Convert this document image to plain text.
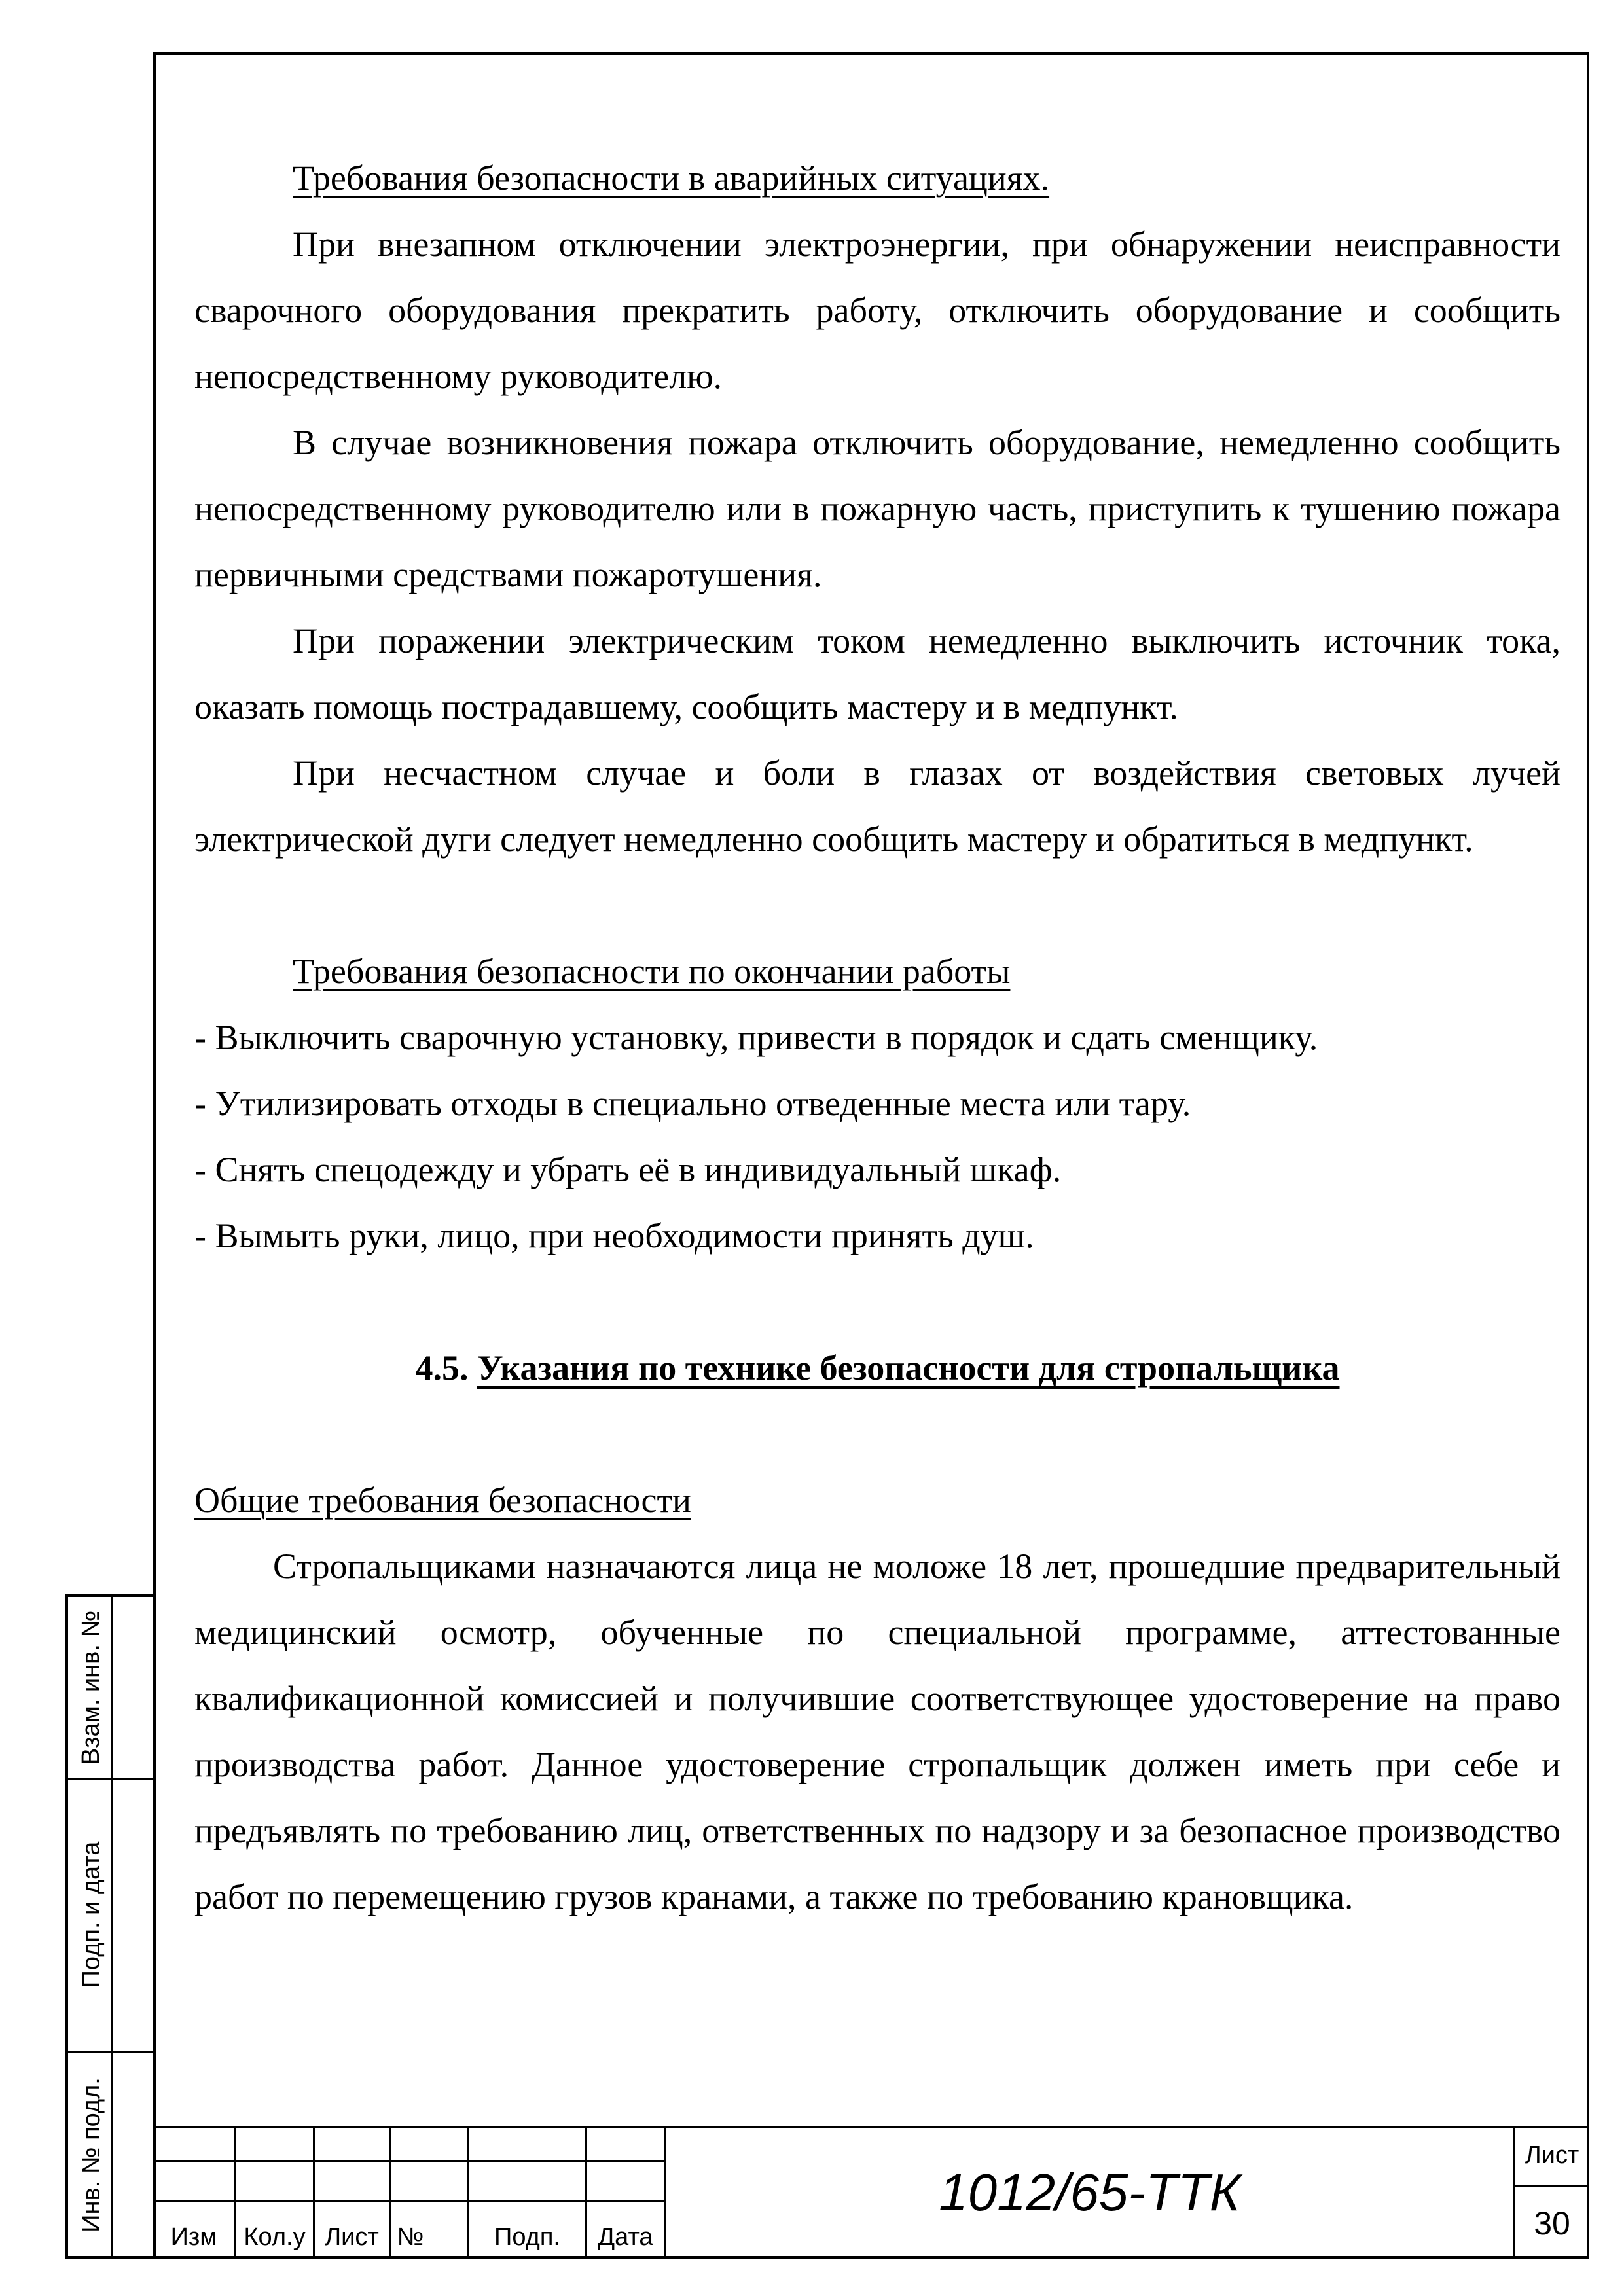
Требования безопасности в аварийных ситуациях.

При внезапном отключении электроэнергии, при обнаружении неисправности сварочного оборудования прекратить работу, отключить оборудование и сообщить непосредственному руководителю.

В случае возникновения пожара отключить оборудование, немедленно сообщить непосредственному руководителю или в пожарную часть, приступить к тушению пожара первичными средствами пожаротушения.

При поражении электрическим током немедленно выключить источник тока, оказать помощь пострадавшему, сообщить мастеру и в медпункт.

При несчастном случае и боли в глазах от воздействия световых лучей электрической дуги следует немедленно сообщить мастеру и обратиться в медпункт.

Требования безопасности по окончании работы

- Выключить сварочную установку, привести в порядок и сдать сменщику.

- Утилизировать отходы в специально отведенные места или тару.

- Снять спецодежду и убрать её в индивидуальный шкаф.

- Вымыть руки, лицо, при необходимости принять душ.

4.5. Указания по технике безопасности для стропальщика

Общие требования безопасности

Стропальщиками назначаются лица не моложе 18 лет, прошедшие предварительный медицинский осмотр, обученные по специальной программе, аттестованные квалификационной комиссией и получившие соответствующее удостоверение на право производства работ. Данное удостоверение стропальщик должен иметь при себе и предъявлять по требованию лиц, ответственных по надзору и за безопасное производство работ по перемещению грузов кранами, а также по требованию крановщика.

Взам. инв. №
Подп. и дата
Инв. № подл.
Изм	Кол.у Лист №	Подп.	Дата
1012/65-ТТК
Лист
30
